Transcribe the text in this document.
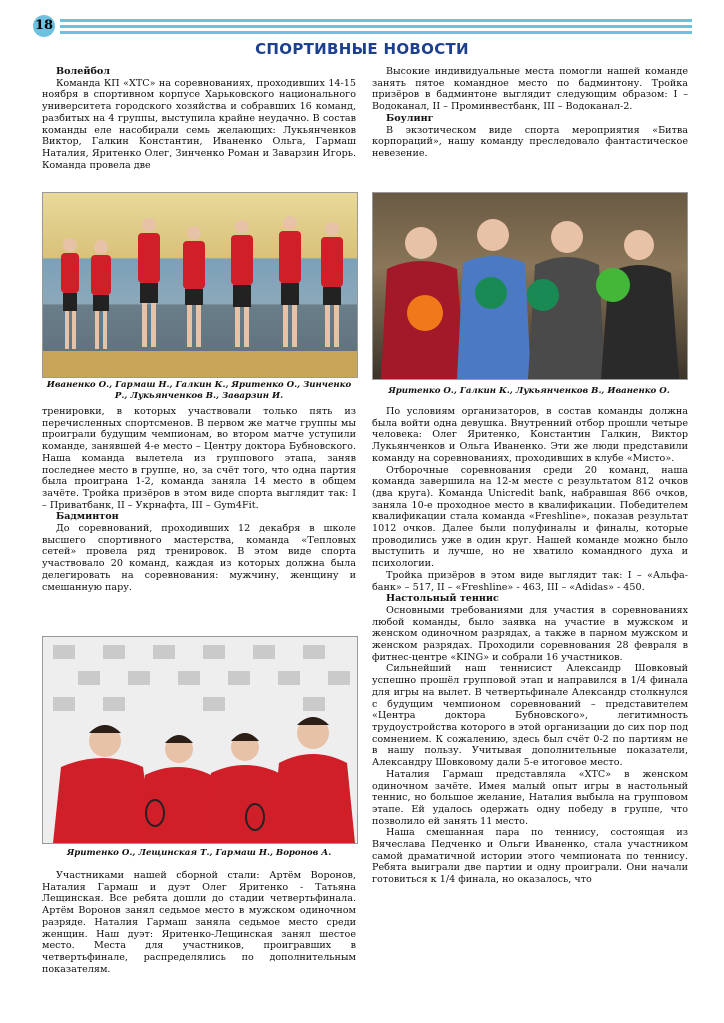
18
СПОРТИВНЫЕ НОВОСТИ

Волейбол

Команда КП «ХТС» на соревнованиях, проходивших 14-15 ноября в спортивном корпусе Харьковского национального университета городского хозяйства и собравших 16 команд, разбитых на 4 группы, выступила крайне неудачно. В состав команды еле насобирали семь желающих: Лукьянченков Виктор, Галкин Константин, Иваненко Ольга, Гармаш Наталия, Яритенко Олег, Зинченко Роман и Заварзин Игорь. Команда провела две

Иваненко О., Гармаш Н., Галкин К., Яритенко О., Зинченко Р., Лукьянченков В., Заварзин И.

тренировки, в которых участвовали только пять из перечисленных спортсменов. В первом же матче группы мы проиграли будущим чемпионам, во втором матче уступили команде, занявшей 4-е место – Центру доктора Бубновского. Наша команда вылетела из группового этапа, заняв последнее место в группе, но, за счёт того, что одна партия была проиграна 1-2, команда заняла 14 место в общем зачёте. Тройка призёров в этом виде спорта выглядит так: I – Приватбанк, II – Укрнафта, III – Gym4Fit.

Бадминтон

До соревнований, проходивших 12 декабря в школе высшего спортивного мастерства, команда «Тепловых сетей» провела ряд тренировок. В этом виде спорта участвовало 20 команд, каждая из которых должна была делегировать на соревнования: мужчину, женщину и смешанную пару.

Яритенко О., Лещинская Т., Гармаш Н., Воронов А.

Участниками нашей сборной стали: Артём Воронов, Наталия Гармаш и дуэт Олег Яритенко - Татьяна Лещинская. Все ребята дошли до стадии четвертьфинала. Артём Воронов занял седьмое место в мужском одиночном разряде. Наталия Гармаш заняла седьмое место среди женщин. Наш дуэт: Яритенко-Лещинская занял шестое место. Места для участников, проигравших в четвертьфинале, распределялись по дополнительным показателям.

Высокие индивидуальные места помогли нашей команде занять пятое командное место по бадминтону. Тройка призёров в бадминтоне выглядит следующим образом: I – Водоканал, II – Проминвестбанк, III – Водоканал-2.

Боулинг

В экзотическом виде спорта мероприятия «Битва корпораций», нашу команду преследовало фантастическое невезение.

Яритенко О., Галкин К., Лукьянченков В., Иваненко О.

По условиям организаторов, в состав команды должна была войти одна девушка. Внутренний отбор прошли четыре человека: Олег Яритенко, Константин Галкин, Виктор Лукьянченков и Ольга Иваненко. Эти же люди представили команду на соревнованиях, проходивших в клубе «Мисто».

Отборочные соревнования среди 20 команд, наша команда завершила на 12-м месте с результатом 812 очков (два круга). Команда Unicredit bank, набравшая 866 очков, заняла 10-е проходное место в квалификации. Победителем квалификации стала команда «Freshline», показав результат 1012 очков. Далее были полуфиналы и финалы, которые проводились уже в один круг. Нашей команде можно было выступить и лучше, но не хватило командного духа и психологии.

Тройка призёров в этом виде выглядит так: I – «Альфа-банк» – 517, II – «Freshline» - 463, III – «Adidas» - 450.

Настольный теннис

Основными требованиями для участия в соревнованиях любой команды, было заявка на участие в мужском и женском одиночном разрядах, а также в парном мужском и женском разрядах. Проходили соревнования 28 февраля в фитнес-центре «KING» и собрали 16 участников.

Сильнейший наш теннисист Александр Шовковый успешно прошёл групповой этап и направился в 1/4 финала для игры на вылет. В четвертьфинале Александр столкнулся с будущим чемпионом соревнований – представителем «Центра доктора Бубновского», легитимность трудоустройства которого в этой организации до сих пор под сомнением. К сожалению, здесь был счёт 0-2 по партиям не в нашу пользу. Учитывая дополнительные показатели, Александру Шовковому дали 5-е итоговое место.

Наталия Гармаш представляла «ХТС» в женском одиночном зачёте. Имея малый опыт игры в настольный теннис, но большое желание, Наталия выбыла на групповом этапе. Ей удалось одержать одну победу в группе, что позволило ей занять 11 место.

Наша смешанная пара по теннису, состоящая из Вячеслава Педченко и Ольги Иваненко, стала участником самой драматичной истории этого чемпионата по теннису. Ребята выиграли две партии и одну проиграли. Они начали готовиться к 1/4 финала, но оказалось, что
